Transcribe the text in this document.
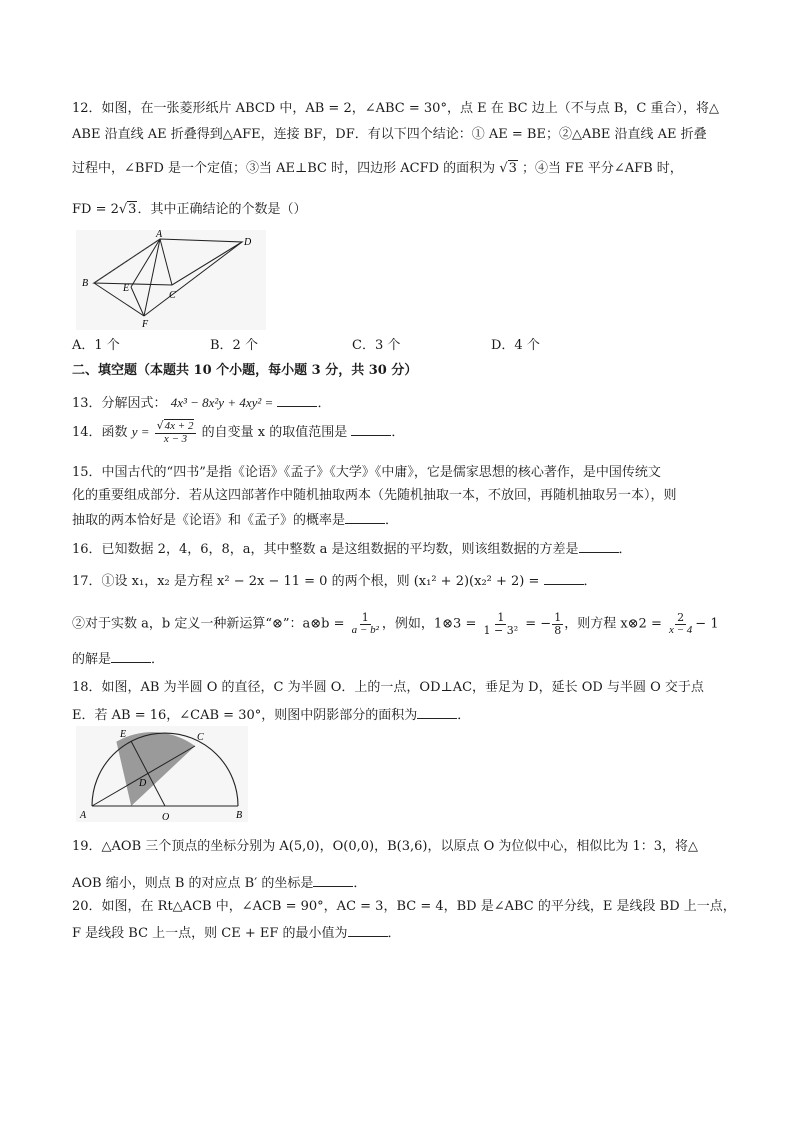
12．如图，在一张菱形纸片 ABCD 中，AB = 2，∠ABC = 30°，点 E 在 BC 边上（不与点 B，C 重合），将△
ABE 沿直线 AE 折叠得到△AFE，连接 BF，DF．有以下四个结论：① AE = BE；②△ABE 沿直线 AE 折叠
过程中，∠BFD 是一个定值；③当 AE⊥BC 时，四边形 ACFD 的面积为 √3 ；④当 FE 平分∠AFB 时，
FD = 2√3．其中正确结论的个数是（）
A
B
C
D
E
F
A．1 个	B．2 个	C．3 个	D．4 个
二、填空题（本题共 10 个小题，每小题 3 分，共 30 分）
13．分解因式： 4x³ − 8x²y + 4xy² =	．
14．函数 $y = \frac{√4x + 2}{x - 3}$ 的自变量 x 的取值范围是	．
15．中国古代的“四书”是指《论语》《孟子》《大学》《中庸》，它是儒家思想的核心著作，是中国传统文
化的重要组成部分．若从这四部著作中随机抽取两本（先随机抽取一本，不放回，再随机抽取另一本），则
抽取的两本恰好是《论语》和《孟子》的概率是	．
16．已知数据 2，4，6，8，a，其中整数 a 是这组数据的平均数，则该组数据的方差是	．
17．①设 x₁，x₂ 是方程 x² − 2x − 11 = 0 的两个根，则 (x₁² + 2)(x₂² + 2) =	．
②对于实数 a，b 定义一种新运算“⊗”：a⊗b = $\frac{1}{\text{a − b²}}$ ，例如，1⊗3 = $\frac{1}{\text{1 − 3²}}$ = − $\frac{1}{8}$ ，则方程 x⊗2 = $\frac{2}{x - 4} - 1$
的解是	．
18．如图，AB 为半圆 O 的直径，C 为半圆 O．上的一点，OD⊥AC，垂足为 D，延长 OD 与半圆 O 交于点
E．若 AB = 16，∠CAB = 30°，则图中阴影部分的面积为	．
A	B
C
D
E
O
19．△AOB 三个顶点的坐标分别为 A(5,0)，O(0,0)，B(3,6)，以原点 O 为位似中心，相似比为 1：3，将△
AOB 缩小，则点 B 的对应点 B′ 的坐标是	．
20．如图，在 Rt△ACB 中，∠ACB = 90°，AC = 3，BC = 4，BD 是∠ABC 的平分线，E 是线段 BD 上一点，
F 是线段 BC 上一点，则 CE + EF 的最小值为	．
